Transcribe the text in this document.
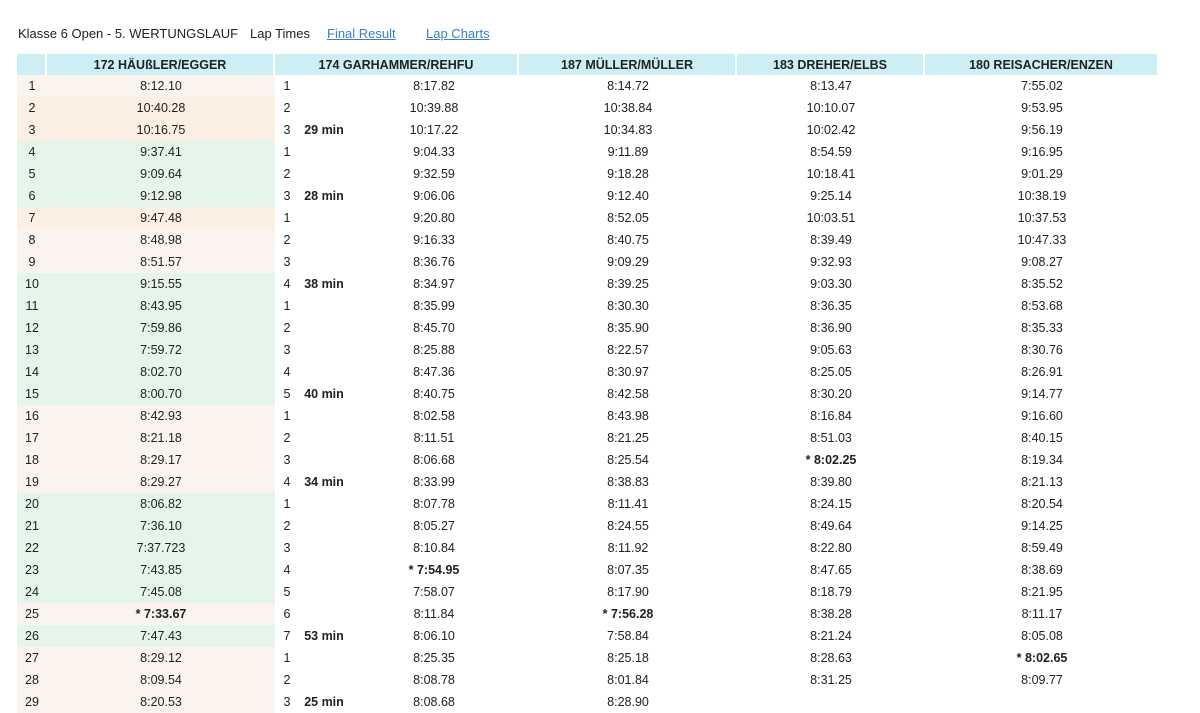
Klasse 6 Open - 5. WERTUNGSLAUF Lap Times Final Result Lap Charts
	172 HÄUßLER/EGGER	174 GARHAMMER/REHFU			187 MÜLLER/MÜLLER	183 DREHER/ELBS	180 REISACHER/ENZEN
1	8:12.10	1		8:17.82	8:14.72	8:13.47	7:55.02
2	10:40.28	2		10:39.88	10:38.84	10:10.07	9:53.95
3	10:16.75	3	29 min	10:17.22	10:34.83	10:02.42	9:56.19
4	9:37.41	1		9:04.33	9:11.89	8:54.59	9:16.95
5	9:09.64	2		9:32.59	9:18.28	10:18.41	9:01.29
6	9:12.98	3	28 min	9:06.06	9:12.40	9:25.14	10:38.19
7	9:47.48	1		9:20.80	8:52.05	10:03.51	10:37.53
8	8:48.98	2		9:16.33	8:40.75	8:39.49	10:47.33
9	8:51.57	3		8:36.76	9:09.29	9:32.93	9:08.27
10	9:15.55	4	38 min	8:34.97	8:39.25	9:03.30	8:35.52
11	8:43.95	1		8:35.99	8:30.30	8:36.35	8:53.68
12	7:59.86	2		8:45.70	8:35.90	8:36.90	8:35.33
13	7:59.72	3		8:25.88	8:22.57	9:05.63	8:30.76
14	8:02.70	4		8:47.36	8:30.97	8:25.05	8:26.91
15	8:00.70	5	40 min	8:40.75	8:42.58	8:30.20	9:14.77
16	8:42.93	1		8:02.58	8:43.98	8:16.84	9:16.60
17	8:21.18	2		8:11.51	8:21.25	8:51.03	8:40.15
18	8:29.17	3		8:06.68	8:25.54	* 8:02.25	8:19.34
19	8:29.27	4	34 min	8:33.99	8:38.83	8:39.80	8:21.13
20	8:06.82	1		8:07.78	8:11.41	8:24.15	8:20.54
21	7:36.10	2		8:05.27	8:24.55	8:49.64	9:14.25
22	7:37.723	3		8:10.84	8:11.92	8:22.80	8:59.49
23	7:43.85	4		* 7:54.95	8:07.35	8:47.65	8:38.69
24	7:45.08	5		7:58.07	8:17.90	8:18.79	8:21.95
25	* 7:33.67	6		8:11.84	* 7:56.28	8:38.28	8:11.17
26	7:47.43	7	53 min	8:06.10	7:58.84	8:21.24	8:05.08
27	8:29.12	1		8:25.35	8:25.18	8:28.63	* 8:02.65
28	8:09.54	2		8:08.78	8:01.84	8:31.25	8:09.77
29	8:20.53	3	25 min	8:08.68	8:28.90		
